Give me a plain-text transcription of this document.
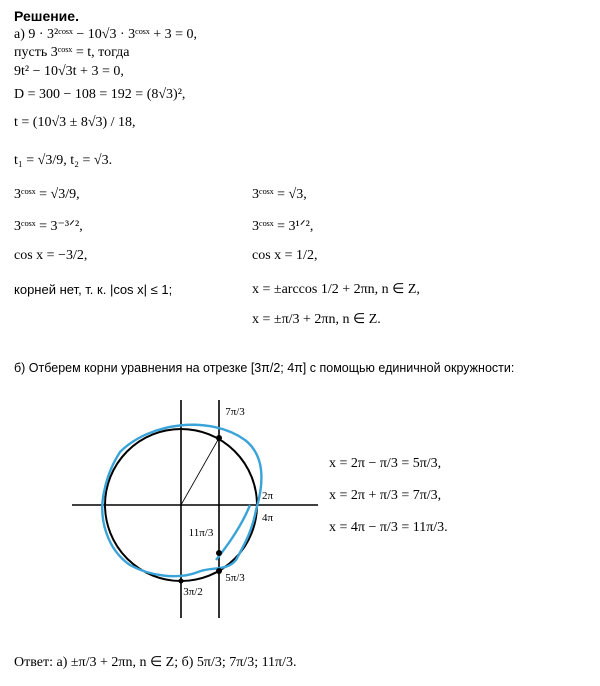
Решение.
а) 9 · 3²ᶜᵒˢˣ − 10√3 · 3ᶜᵒˢˣ + 3 = 0,
пусть 3ᶜᵒˢˣ = t, тогда
9t² − 10√3t + 3 = 0,
D = 300 − 108 = 192 = (8√3)²,
t = (10√3 ± 8√3) / 18,
t₁ = √3/9, t₂ = √3.
3ᶜᵒˢˣ = √3/9,
3ᶜᵒˢˣ = 3⁻³ᐟ²,
cos x = −3/2,
корней нет, т. к. |cos x| ≤ 1;
3ᶜᵒˢˣ = √3,
3ᶜᵒˢˣ = 3¹ᐟ²,
cos x = 1/2,
x = ±arccos 1/2 + 2πn, n ∈ Z,
x = ±π/3 + 2πn, n ∈ Z.
б) Отберем корни уравнения на отрезке [3π/2; 4π] с помощью единичной окружности:
7π/3
2π
4π
11π/3
5π/3
3π/2
x = 2π − π/3 = 5π/3,
x = 2π + π/3 = 7π/3,
x = 4π − π/3 = 11π/3.
Ответ: а) ±π/3 + 2πn, n ∈ Z; б) 5π/3; 7π/3; 11π/3.
